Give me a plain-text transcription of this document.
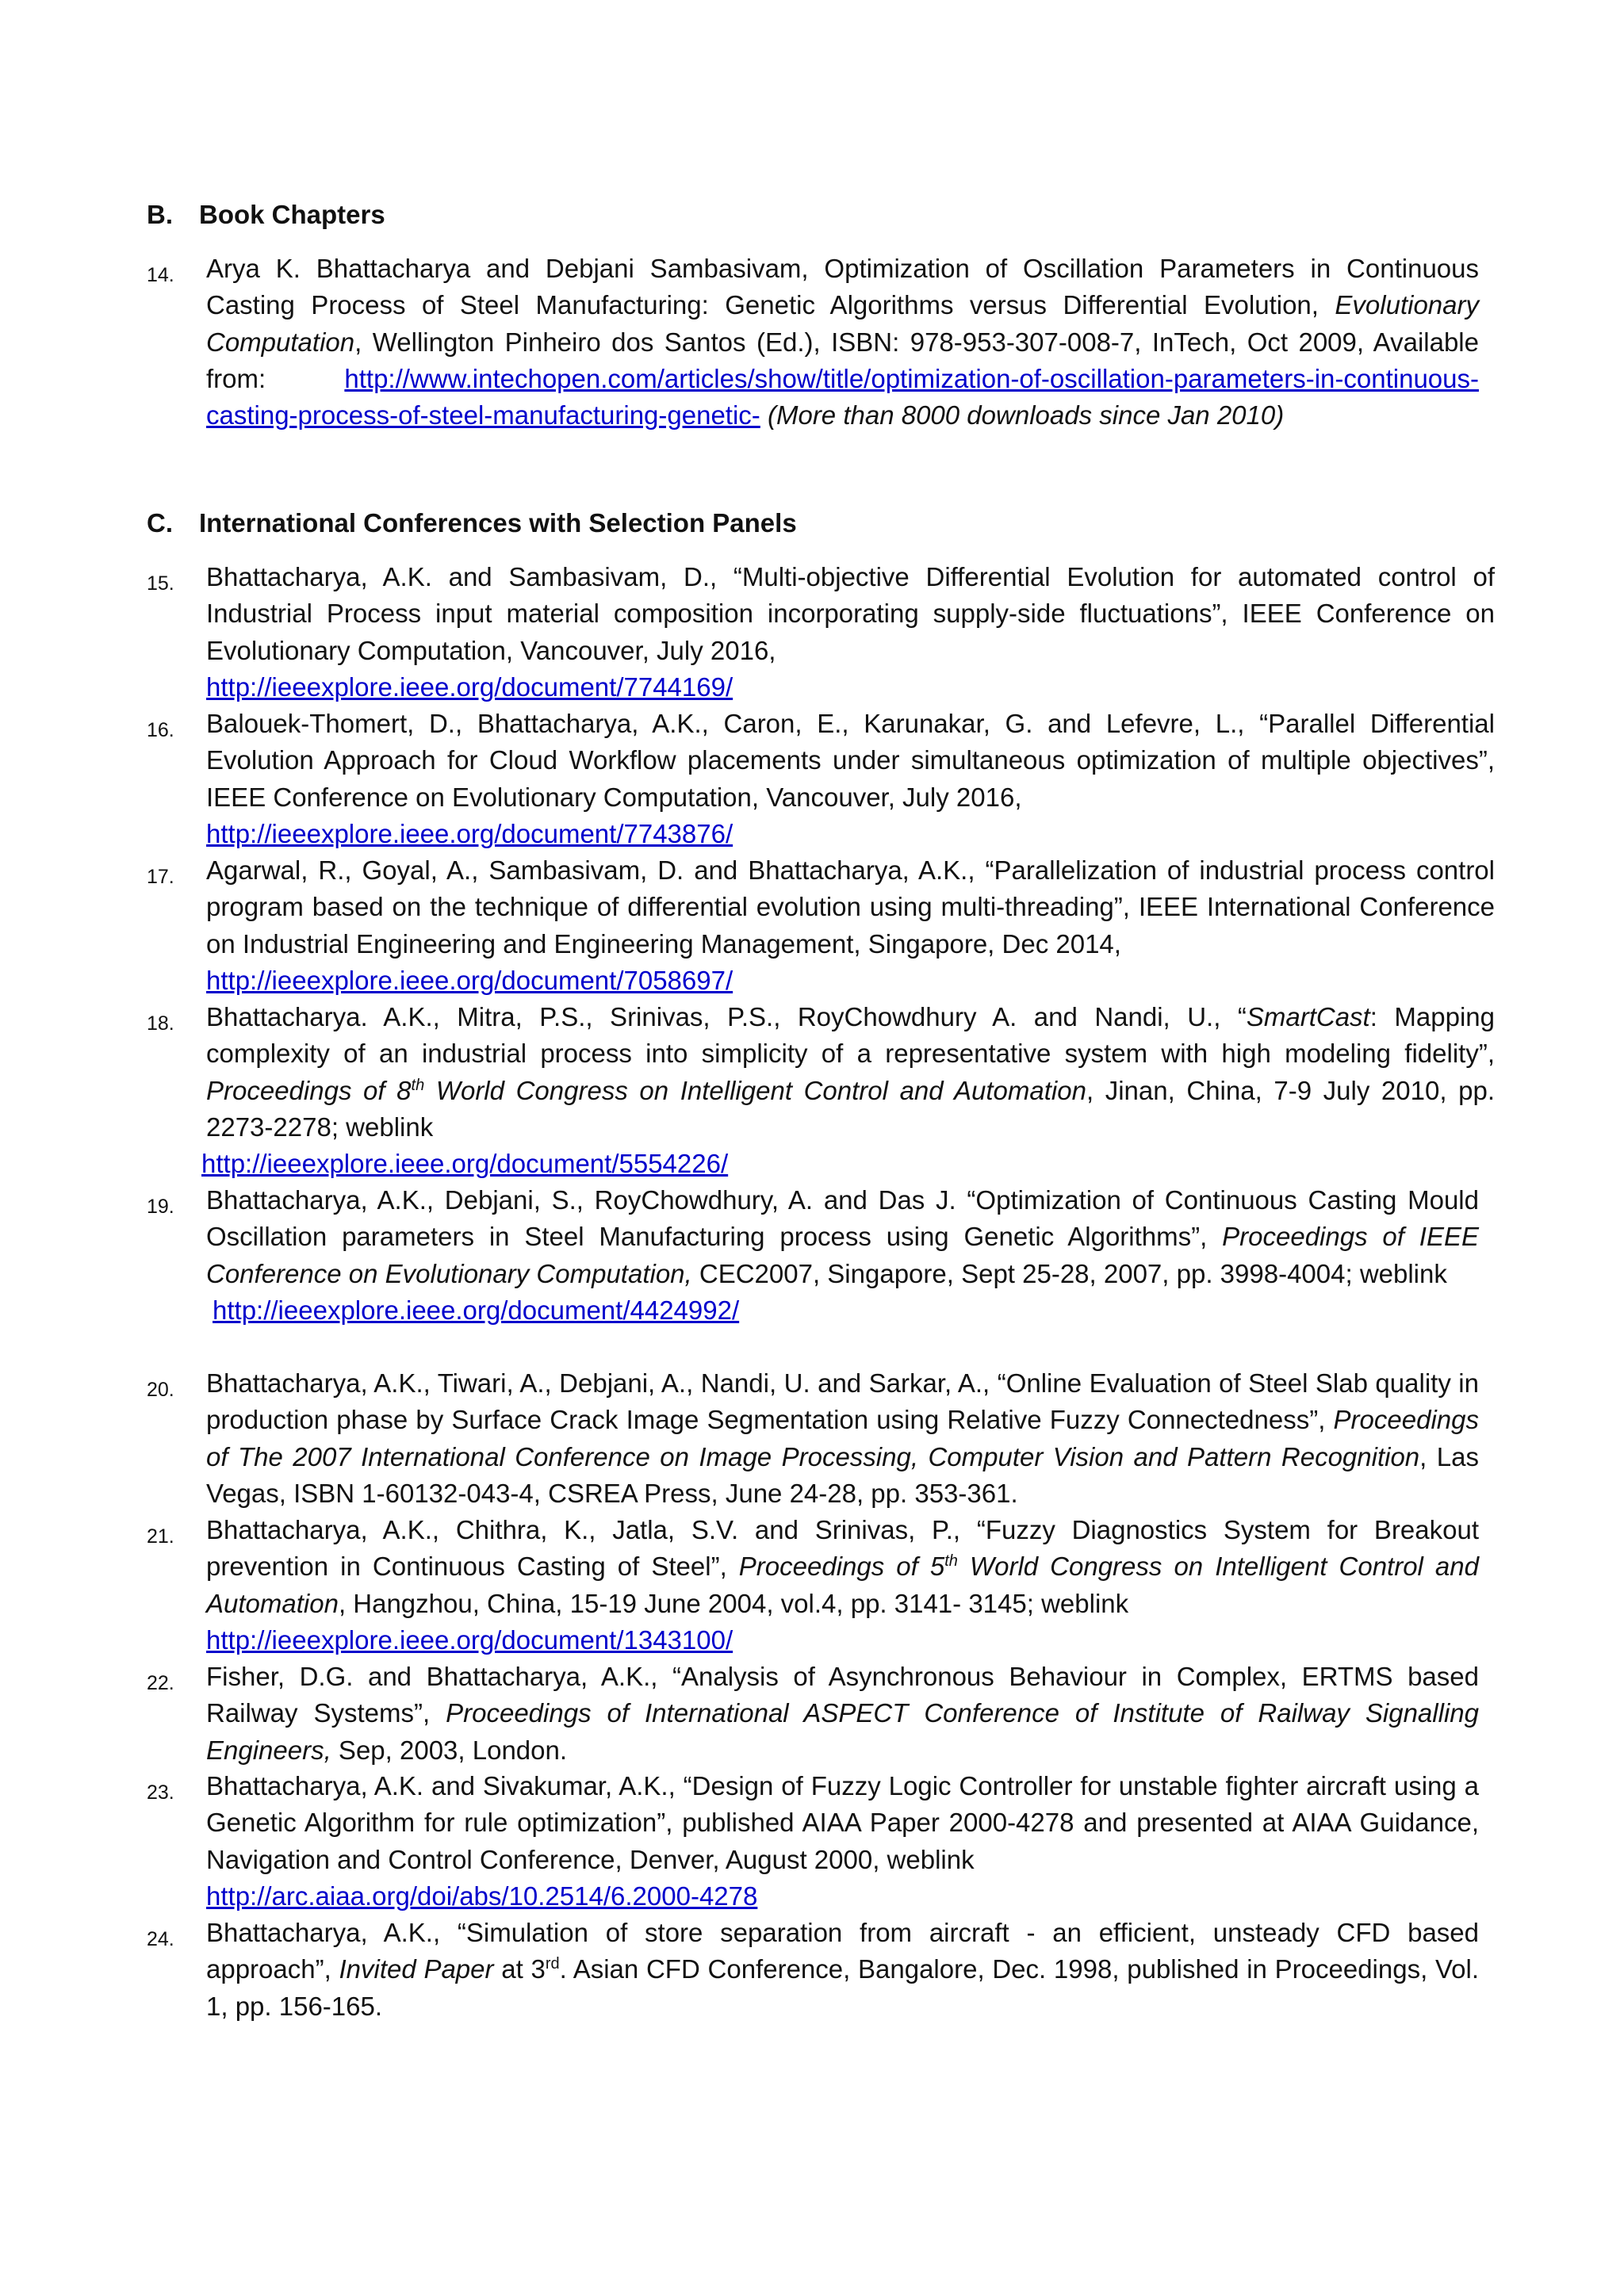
B. Book Chapters
14. Arya K. Bhattacharya and Debjani Sambasivam, Optimization of Oscillation Parameters in Continuous Casting Process of Steel Manufacturing: Genetic Algorithms versus Differential Evolution, Evolutionary Computation, Wellington Pinheiro dos Santos (Ed.), ISBN: 978-953-307-008-7, InTech, Oct 2009, Available from: http://www.intechopen.com/articles/show/title/optimization-of-oscillation-parameters-in-continuous-casting-process-of-steel-manufacturing-genetic- (More than 8000 downloads since Jan 2010)
C. International Conferences with Selection Panels
15. Bhattacharya, A.K. and Sambasivam, D., “Multi-objective Differential Evolution for automated control of Industrial Process input material composition incorporating supply-side fluctuations”, IEEE Conference on Evolutionary Computation, Vancouver, July 2016,
http://ieeexplore.ieee.org/document/7744169/
16. Balouek-Thomert, D., Bhattacharya, A.K., Caron, E., Karunakar, G. and Lefevre, L., “Parallel Differential Evolution Approach for Cloud Workflow placements under simultaneous optimization of multiple objectives”, IEEE Conference on Evolutionary Computation, Vancouver, July 2016,
http://ieeexplore.ieee.org/document/7743876/
17. Agarwal, R., Goyal, A., Sambasivam, D. and Bhattacharya, A.K., “Parallelization of industrial process control program based on the technique of differential evolution using multi-threading”, IEEE International Conference on Industrial Engineering and Engineering Management, Singapore, Dec 2014,
http://ieeexplore.ieee.org/document/7058697/
18. Bhattacharya. A.K., Mitra, P.S., Srinivas, P.S., RoyChowdhury A. and Nandi, U., “SmartCast: Mapping complexity of an industrial process into simplicity of a representative system with high modeling fidelity”, Proceedings of 8th World Congress on Intelligent Control and Automation, Jinan, China, 7-9 July 2010, pp. 2273-2278; weblink
http://ieeexplore.ieee.org/document/5554226/
19. Bhattacharya, A.K., Debjani, S., RoyChowdhury, A. and Das J. “Optimization of Continuous Casting Mould Oscillation parameters in Steel Manufacturing process using Genetic Algorithms”, Proceedings of IEEE Conference on Evolutionary Computation, CEC2007, Singapore, Sept 25-28, 2007, pp. 3998-4004; weblink
http://ieeexplore.ieee.org/document/4424992/
20. Bhattacharya, A.K., Tiwari, A., Debjani, A., Nandi, U. and Sarkar, A., “Online Evaluation of Steel Slab quality in production phase by Surface Crack Image Segmentation using Relative Fuzzy Connectedness”, Proceedings of The 2007 International Conference on Image Processing, Computer Vision and Pattern Recognition, Las Vegas, ISBN 1-60132-043-4, CSREA Press, June 24-28, pp. 353-361.
21. Bhattacharya, A.K., Chithra, K., Jatla, S.V. and Srinivas, P., “Fuzzy Diagnostics System for Breakout prevention in Continuous Casting of Steel”, Proceedings of 5th World Congress on Intelligent Control and Automation, Hangzhou, China, 15-19 June 2004, vol.4, pp. 3141- 3145; weblink
http://ieeexplore.ieee.org/document/1343100/
22. Fisher, D.G. and Bhattacharya, A.K., “Analysis of Asynchronous Behaviour in Complex, ERTMS based Railway Systems”, Proceedings of International ASPECT Conference of Institute of Railway Signalling Engineers, Sep, 2003, London.
23. Bhattacharya, A.K. and Sivakumar, A.K., “Design of Fuzzy Logic Controller for unstable fighter aircraft using a Genetic Algorithm for rule optimization”, published AIAA Paper 2000-4278 and presented at AIAA Guidance, Navigation and Control Conference, Denver, August 2000, weblink
http://arc.aiaa.org/doi/abs/10.2514/6.2000-4278
24. Bhattacharya, A.K., “Simulation of store separation from aircraft - an efficient, unsteady CFD based approach”, Invited Paper at 3rd. Asian CFD Conference, Bangalore, Dec. 1998, published in Proceedings, Vol. 1, pp. 156-165.
